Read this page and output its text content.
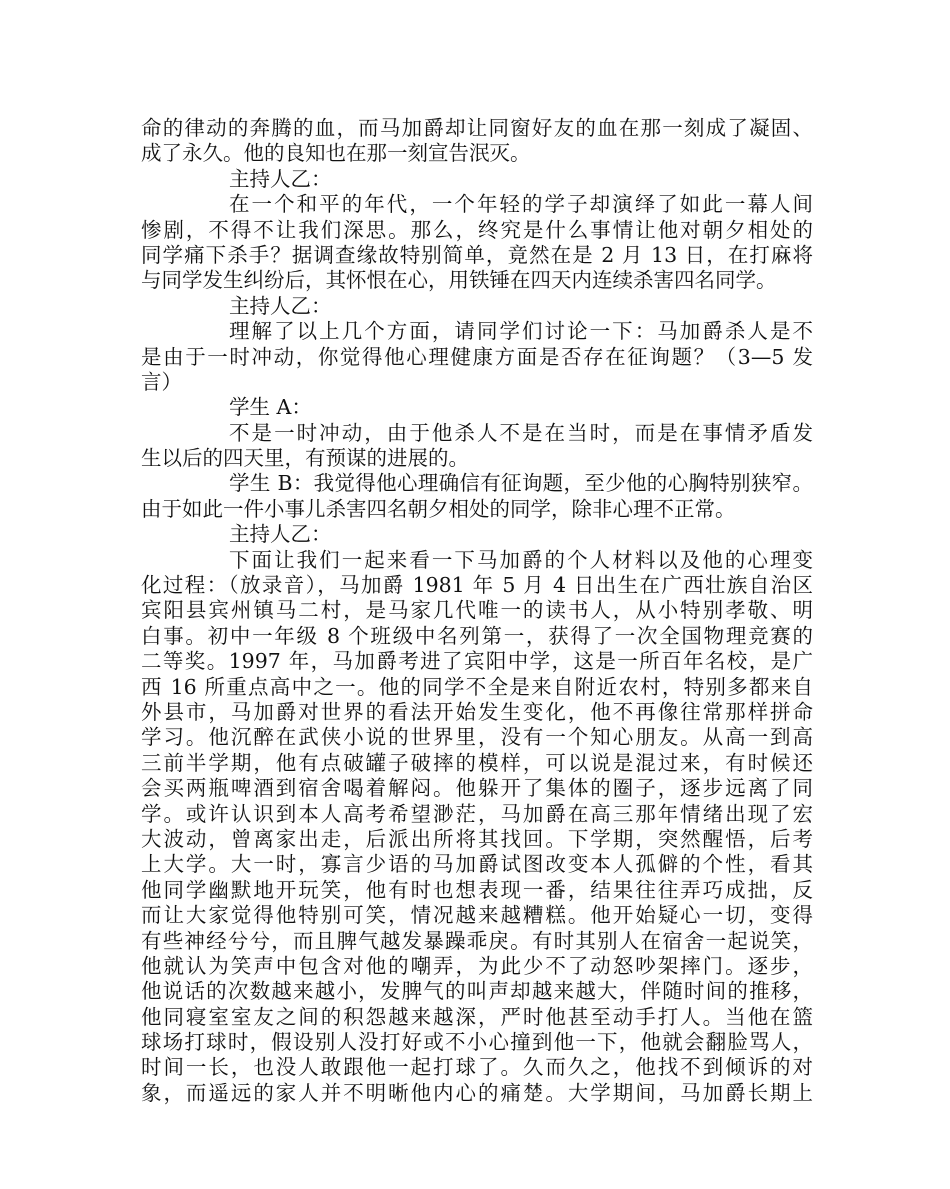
命的律动的奔腾的血，而马加爵却让同窗好友的血在那一刻成了凝固、
成了永久。他的良知也在那一刻宣告泯灭。
主持人乙：
在一个和平的年代，一个年轻的学子却演绎了如此一幕人间
惨剧，不得不让我们深思。那么，终究是什么事情让他对朝夕相处的
同学痛下杀手？据调查缘故特别简单，竟然在是 2 月 13 日，在打麻将
与同学发生纠纷后，其怀恨在心，用铁锤在四天内连续杀害四名同学。
主持人乙：
理解了以上几个方面，请同学们讨论一下：马加爵杀人是不
是由于一时冲动，你觉得他心理健康方面是否存在征询题？（3—5 发
言）
学生 A：
不是一时冲动，由于他杀人不是在当时，而是在事情矛盾发
生以后的四天里，有预谋的进展的。
学生 B：我觉得他心理确信有征询题，至少他的心胸特别狭窄。
由于如此一件小事儿杀害四名朝夕相处的同学，除非心理不正常。
主持人乙：
下面让我们一起来看一下马加爵的个人材料以及他的心理变
化过程：（放录音），马加爵 1981 年 5 月 4 日出生在广西壮族自治区
宾阳县宾州镇马二村，是马家几代唯一的读书人，从小特别孝敬、明
白事。初中一年级 8 个班级中名列第一，获得了一次全国物理竞赛的
二等奖。1997 年，马加爵考进了宾阳中学，这是一所百年名校，是广
西 16 所重点高中之一。他的同学不全是来自附近农村，特别多都来自
外县市，马加爵对世界的看法开始发生变化，他不再像往常那样拼命
学习。他沉醉在武侠小说的世界里，没有一个知心朋友。从高一到高
三前半学期，他有点破罐子破摔的模样，可以说是混过来，有时候还
会买两瓶啤酒到宿舍喝着解闷。他躲开了集体的圈子，逐步远离了同
学。或许认识到本人高考希望渺茫，马加爵在高三那年情绪出现了宏
大波动，曾离家出走，后派出所将其找回。下学期，突然醒悟，后考
上大学。大一时，寡言少语的马加爵试图改变本人孤僻的个性，看其
他同学幽默地开玩笑，他有时也想表现一番，结果往往弄巧成拙，反
而让大家觉得他特别可笑，情况越来越糟糕。他开始疑心一切，变得
有些神经兮兮，而且脾气越发暴躁乖戾。有时其别人在宿舍一起说笑，
他就认为笑声中包含对他的嘲弄，为此少不了动怒吵架摔门。逐步，
他说话的次数越来越小，发脾气的叫声却越来越大，伴随时间的推移，
他同寝室室友之间的积怨越来越深，严时他甚至动手打人。当他在篮
球场打球时，假设别人没打好或不小心撞到他一下，他就会翻脸骂人，
时间一长，也没人敢跟他一起打球了。久而久之，他找不到倾诉的对
象，而遥远的家人并不明晰他内心的痛楚。大学期间，马加爵长期上
